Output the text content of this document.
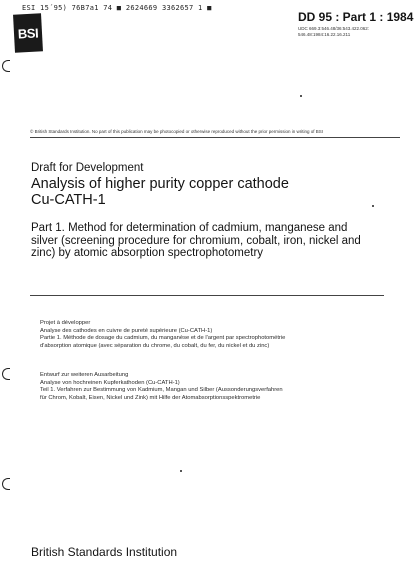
ESI 15´95) 76B7a1 74 ■ 2624669 3362657 1 ■
BSI
DD 95 : Part 1 : 1984
UDC 669.3:546.48/36:543.422.062: 546.48:1984:16.22.16.211
© British Standards Institution. No part of this publication may be photocopied or otherwise reproduced without the prior permission in writing of BSI
Draft for Development
Analysis of higher purity copper cathode Cu-CATH-1
Part 1. Method for determination of cadmium, manganese and silver (screening procedure for chromium, cobalt, iron, nickel and zinc) by atomic absorption spectrophotometry
Projet à développer
Analyse des cathodes en cuivre de pureté supérieure (Cu-CATH-1)
Partie 1. Méthode de dosage du cadmium, du manganèse et de l'argent par spectrophotométrie
d'absorption atomique (avec séparation du chrome, du cobalt, du fer, du nickel et du zinc)
Entwurf zur weiteren Ausarbeitung
Analyse von hochreinen Kupferkathoden (Cu-CATH-1)
Teil 1. Verfahren zur Bestimmung von Kadmium, Mangan und Silber (Aussonderungsverfahren
für Chrom, Kobalt, Eisen, Nickel und Zink) mit Hilfe der Atomabsorptionsspektrometrie
British Standards Institution
